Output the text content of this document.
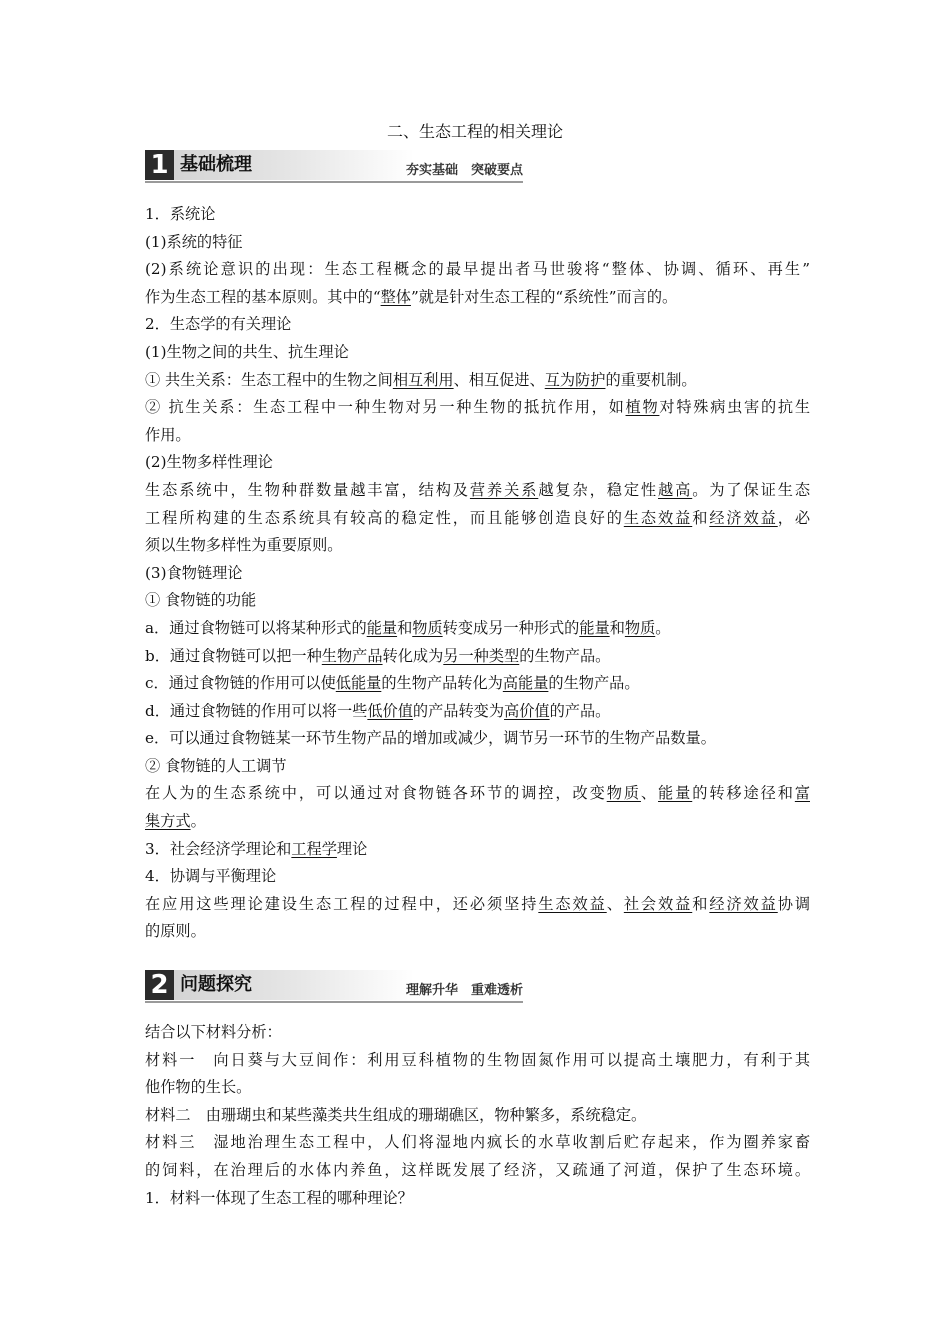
二、生态工程的相关理论
1 基础梳理	夯实基础　突破要点
1．系统论
(1)系统的特征
(2)系统论意识的出现：生态工程概念的最早提出者马世骏将“整体、协调、循环、再生”
作为生态工程的基本原则。其中的“整体”就是针对生态工程的“系统性”而言的。
2．生态学的有关理论
(1)生物之间的共生、抗生理论
① 共生关系：生态工程中的生物之间相互利用、相互促进、互为防护的重要机制。
② 抗生关系：生态工程中一种生物对另一种生物的抵抗作用，如植物对特殊病虫害的抗生
作用。
(2)生物多样性理论
生态系统中，生物种群数量越丰富，结构及营养关系越复杂，稳定性越高。为了保证生态
工程所构建的生态系统具有较高的稳定性，而且能够创造良好的生态效益和经济效益，必
须以生物多样性为重要原则。
(3)食物链理论
① 食物链的功能
a．通过食物链可以将某种形式的能量和物质转变成另一种形式的能量和物质。
b．通过食物链可以把一种生物产品转化成为另一种类型的生物产品。
c．通过食物链的作用可以使低能量的生物产品转化为高能量的生物产品。
d．通过食物链的作用可以将一些低价值的产品转变为高价值的产品。
e．可以通过食物链某一环节生物产品的增加或减少，调节另一环节的生物产品数量。
② 食物链的人工调节
在人为的生态系统中，可以通过对食物链各环节的调控，改变物质、能量的转移途径和富
集方式。
3．社会经济学理论和工程学理论
4．协调与平衡理论
在应用这些理论建设生态工程的过程中，还必须坚持生态效益、社会效益和经济效益协调
的原则。
2 问题探究	理解升华　重难透析
结合以下材料分析：
材料一　向日葵与大豆间作：利用豆科植物的生物固氮作用可以提高土壤肥力，有利于其
他作物的生长。
材料二　由珊瑚虫和某些藻类共生组成的珊瑚礁区，物种繁多，系统稳定。
材料三　湿地治理生态工程中，人们将湿地内疯长的水草收割后贮存起来，作为圈养家畜
的饲料，在治理后的水体内养鱼，这样既发展了经济，又疏通了河道，保护了生态环境。
1．材料一体现了生态工程的哪种理论？
